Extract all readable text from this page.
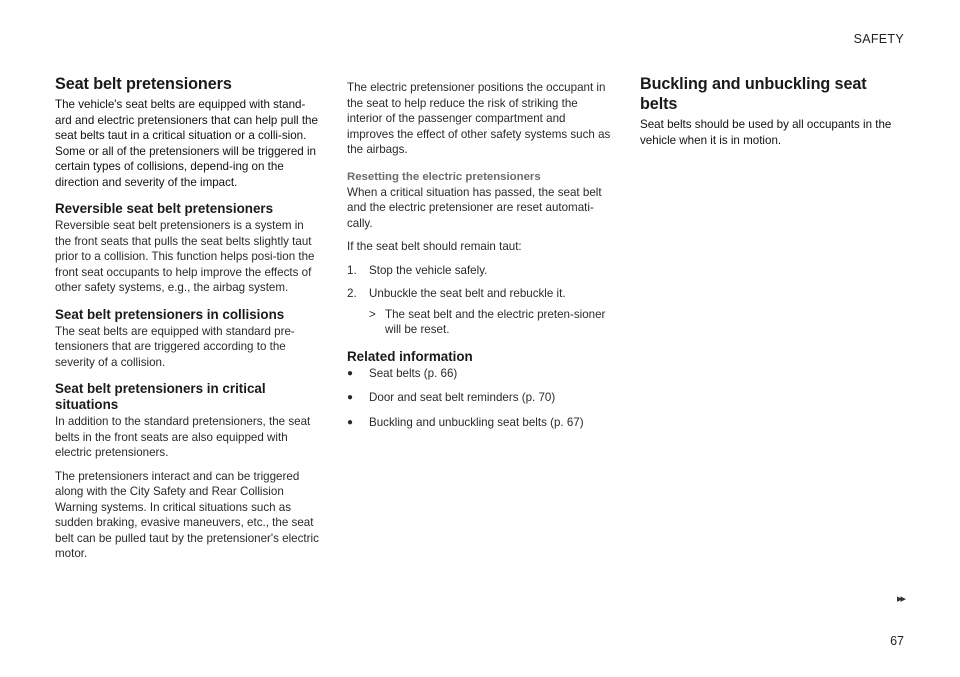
SAFETY
Seat belt pretensioners

The vehicle's seat belts are equipped with stand-ard and electric pretensioners that can help pull the seat belts taut in a critical situation or a colli-sion. Some or all of the pretensioners will be triggered in certain types of collisions, depend-ing on the direction and severity of the impact.

Reversible seat belt pretensioners

Reversible seat belt pretensioners is a system in the front seats that pulls the seat belts slightly taut prior to a collision. This function helps posi-tion the front seat occupants to help improve the effects of other safety systems, e.g., the airbag system.

Seat belt pretensioners in collisions

The seat belts are equipped with standard pre-tensioners that are triggered according to the severity of a collision.

Seat belt pretensioners in critical situations

In addition to the standard pretensioners, the seat belts in the front seats are also equipped with electric pretensioners.

The pretensioners interact and can be triggered along with the City Safety and Rear Collision Warning systems. In critical situations such as sudden braking, evasive maneuvers, etc., the seat belt can be pulled taut by the pretensioner's electric motor.

The electric pretensioner positions the occupant in the seat to help reduce the risk of striking the interior of the passenger compartment and improves the effect of other safety systems such as the airbags.

Resetting the electric pretensioners

When a critical situation has passed, the seat belt and the electric pretensioner are reset automati-cally.

If the seat belt should remain taut:

1.	Stop the vehicle safely.
2.	Unbuckle the seat belt and rebuckle it.
> The seat belt and the electric preten-sioner will be reset.
Related information
●	Seat belts (p. 66)
●	Door and seat belt reminders (p. 70)
●	Buckling and unbuckling seat belts (p. 67)
Buckling and unbuckling seat belts

Seat belts should be used by all occupants in the vehicle when it is in motion.

▸▸
67
